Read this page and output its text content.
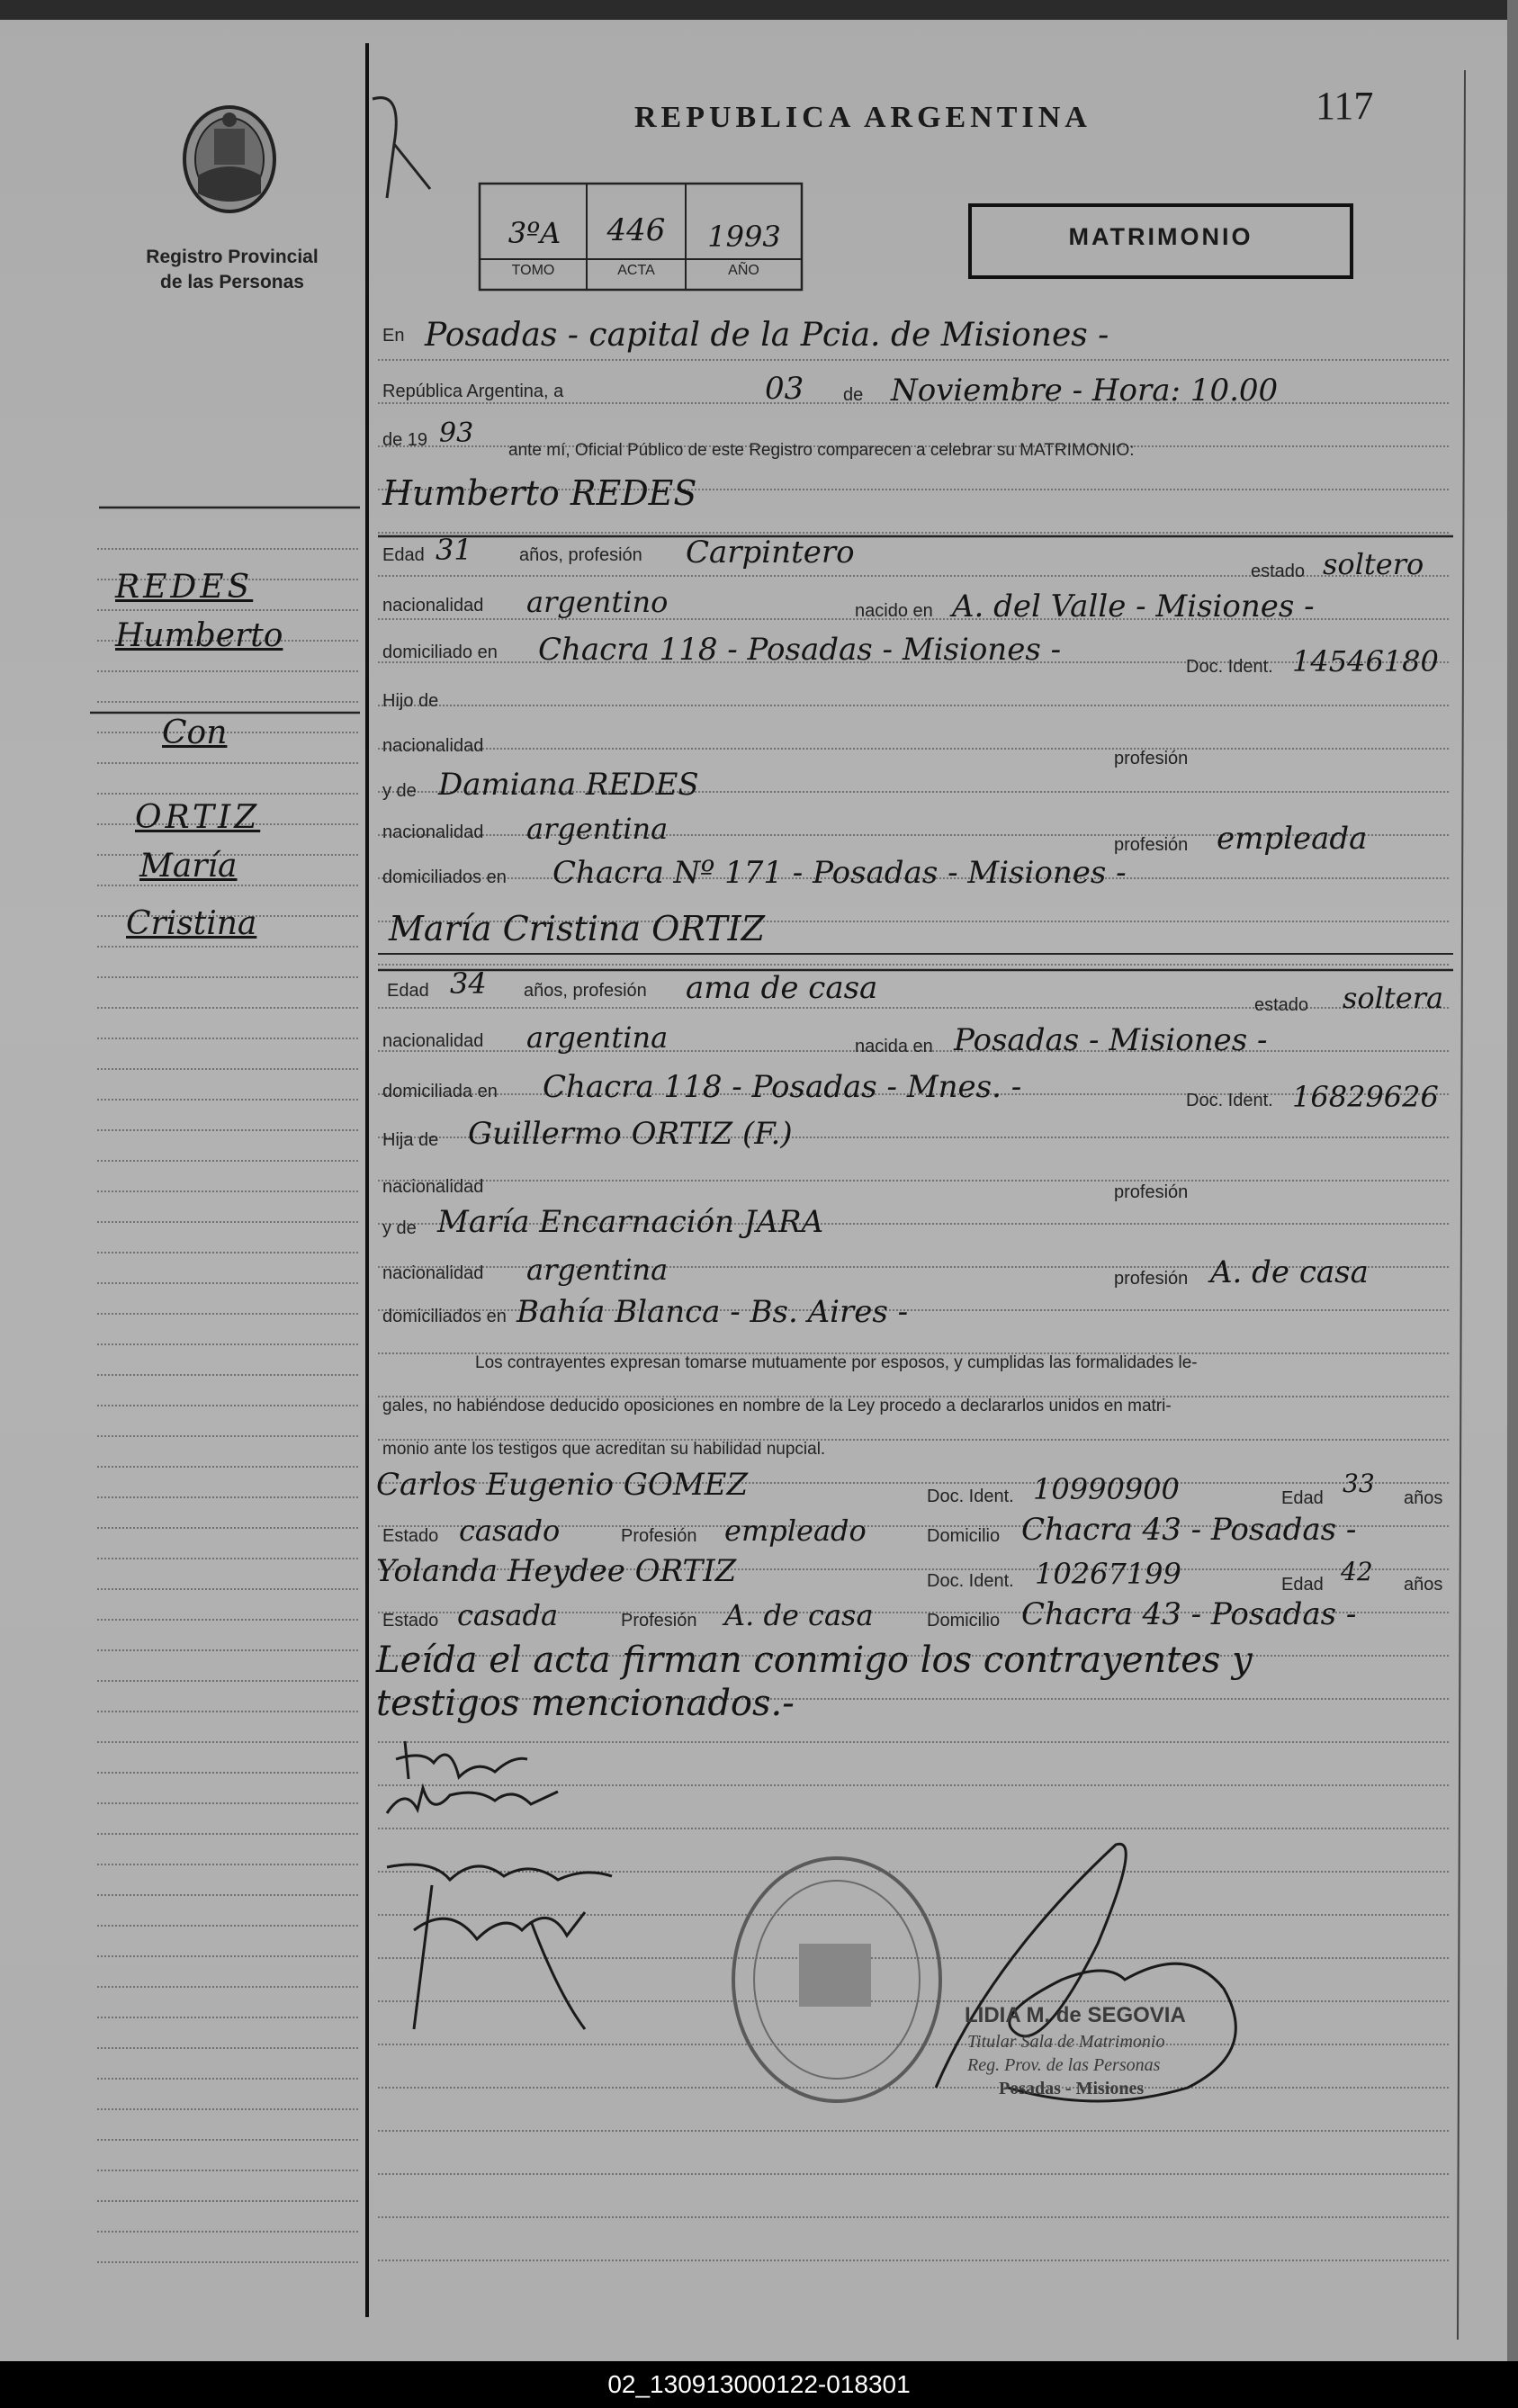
Registro Provincial
de las Personas
REPUBLICA ARGENTINA	117
MATRIMONIO
3ºA	446	1993
TOMO	ACTA	AÑO
REDES
Humberto
Con
ORTIZ
María
Cristina
En Posadas - capital de la Pcia. de Misiones -
República Argentina, a	03 de Noviembre - Hora: 10.00
de 19 93
ante mí, Oficial Público de este Registro comparecen a celebrar su MATRIMONIO:
Humberto REDES
Edad 31	años, profesión Carpintero
estado soltero
nacionalidad argentino	nacido en A. del Valle - Misiones -
domiciliado en Chacra 118 - Posadas - Misiones -	Doc. Ident. 14546180
Hijo de
nacionalidad
profesión
y de Damiana REDES
nacionalidad argentina	profesión empleada
domiciliados en Chacra Nº 171 - Posadas - Misiones -
María Cristina ORTIZ
Edad 34 años, profesión ama de casa	estado soltera
nacionalidad argentina	nacida en Posadas - Misiones -
domiciliada en Chacra 118 - Posadas - Mnes. -	Doc. Ident. 16829626
Hija de Guillermo ORTIZ (F.)
nacionalidad	profesión
y de María Encarnación JARA
nacionalidad argentina	profesión A. de casa
domiciliados en Bahía Blanca - Bs. Aires -
Los contrayentes expresan tomarse mutuamente por esposos, y cumplidas las formalidades le-
gales, no habiéndose deducido oposiciones en nombre de la Ley procedo a declararlos unidos en matri-
monio ante los testigos que acreditan su habilidad nupcial.
Carlos Eugenio GOMEZ	Doc. Ident. 10990900	Edad 33 años
Estado casado	Profesión empleado	Domicilio Chacra 43 - Posadas -
Yolanda Heydee ORTIZ	Doc. Ident. 10267199	Edad 42 años
Estado casada	Profesión A. de casa	Domicilio Chacra 43 - Posadas -
Leída el acta firman conmigo los contrayentes y
testigos mencionados.-
LIDIA M. de SEGOVIA
Titular Sala de Matrimonio
Reg. Prov. de las Personas
Posadas - Misiones
02_130913000122-018301
